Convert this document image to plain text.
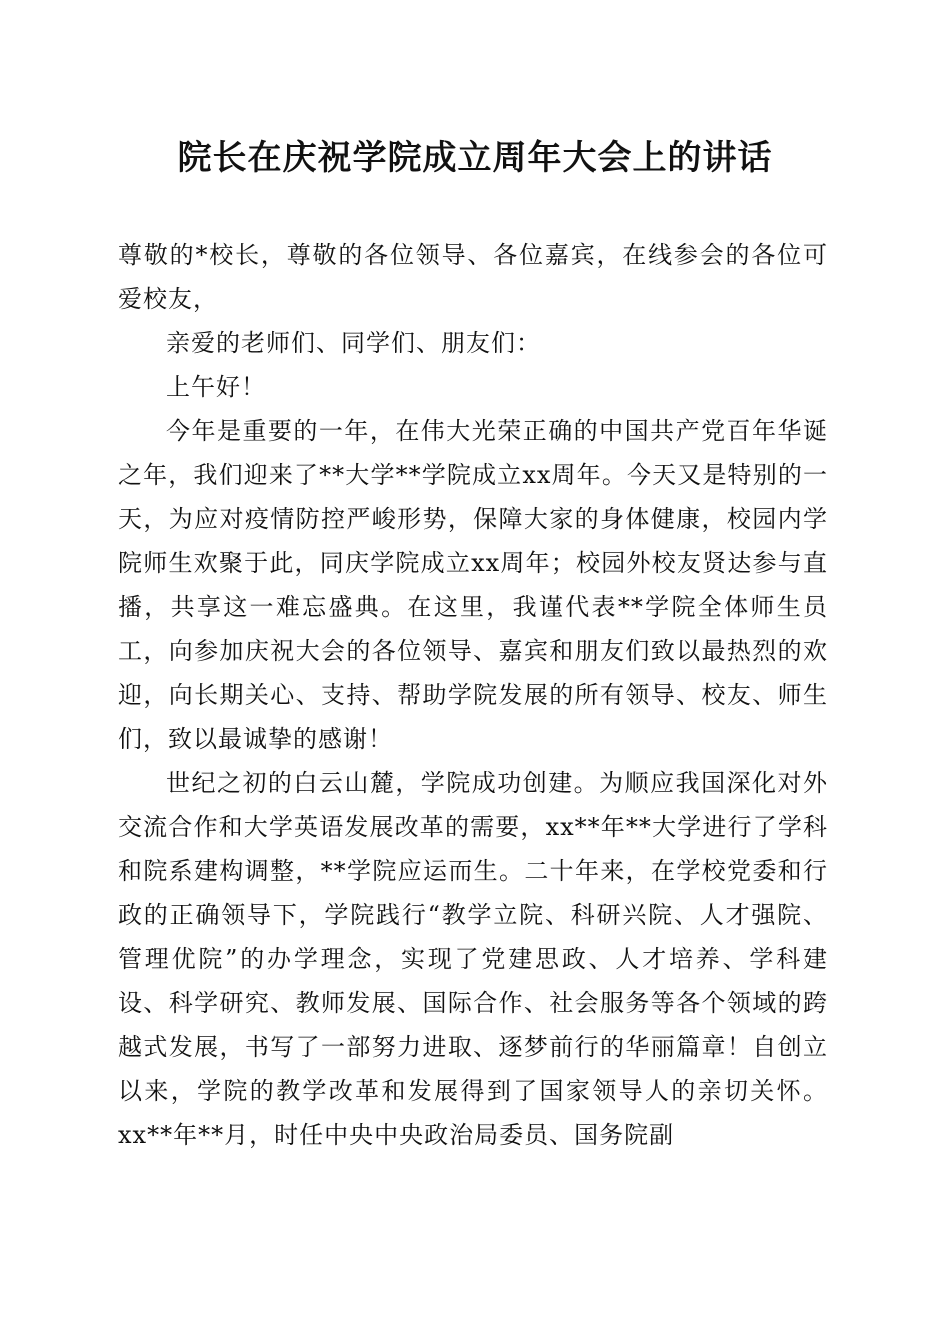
院长在庆祝学院成立周年大会上的讲话

尊敬的*校长，尊敬的各位领导、各位嘉宾，在线参会的各位可爱校友，

亲爱的老师们、同学们、朋友们：

上午好！

今年是重要的一年，在伟大光荣正确的中国共产党百年华诞之年，我们迎来了**大学**学院成立xx周年。今天又是特别的一天，为应对疫情防控严峻形势，保障大家的身体健康，校园内学院师生欢聚于此，同庆学院成立xx周年；校园外校友贤达参与直播，共享这一难忘盛典。在这里，我谨代表**学院全体师生员工，向参加庆祝大会的各位领导、嘉宾和朋友们致以最热烈的欢迎，向长期关心、支持、帮助学院发展的所有领导、校友、师生们，致以最诚挚的感谢！

世纪之初的白云山麓，学院成功创建。为顺应我国深化对外交流合作和大学英语发展改革的需要，xx**年**大学进行了学科和院系建构调整，**学院应运而生。二十年来，在学校党委和行政的正确领导下，学院践行“教学立院、科研兴院、人才强院、管理优院”的办学理念，实现了党建思政、人才培养、学科建设、科学研究、教师发展、国际合作、社会服务等各个领域的跨越式发展，书写了一部努力进取、逐梦前行的华丽篇章！自创立以来，学院的教学改革和发展得到了国家领导人的亲切关怀。xx**年**月，时任中央中央政治局委员、国务院副
